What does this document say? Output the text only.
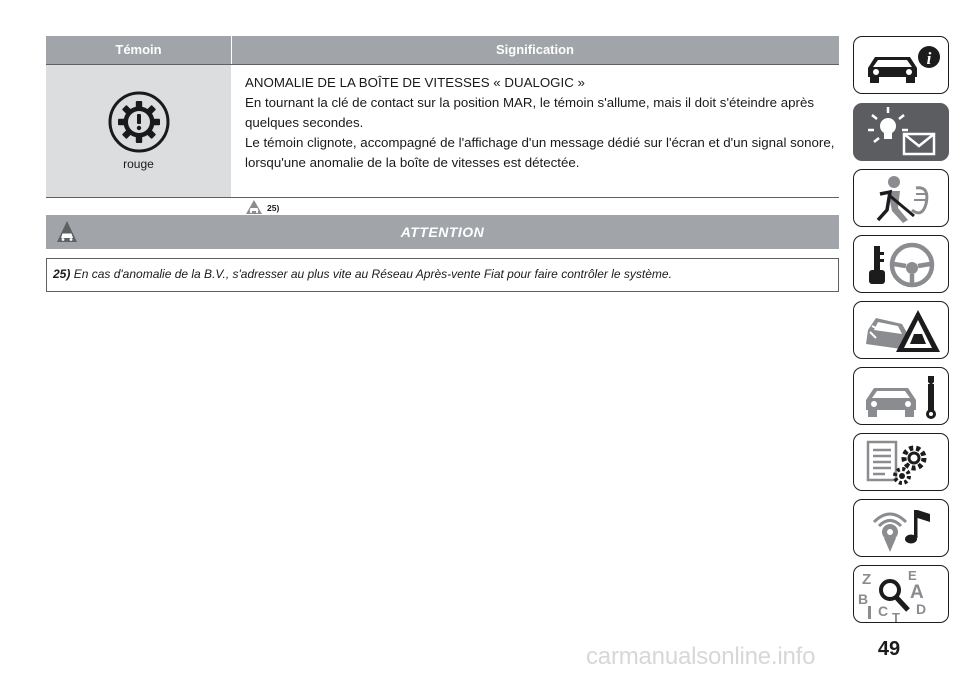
Témoin	Signification
rouge

ANOMALIE DE LA BOÎTE DE VITESSES « DUALOGIC »

En tournant la clé de contact sur la position MAR, le témoin s'allume, mais il doit s'éteindre après quelques secondes.

Le témoin clignote, accompagné de l'affichage d'un message dédié sur l'écran et d'un signal sonore, lorsqu'une anomalie de la boîte de vitesses est détectée.

25)
ATTENTION
25) En cas d'anomalie de la B.V., s'adresser au plus vite au Réseau Après-vente Fiat pour faire contrôler le système.
i
Z	E
B A
D
C T
49
carmanualsonline.info
